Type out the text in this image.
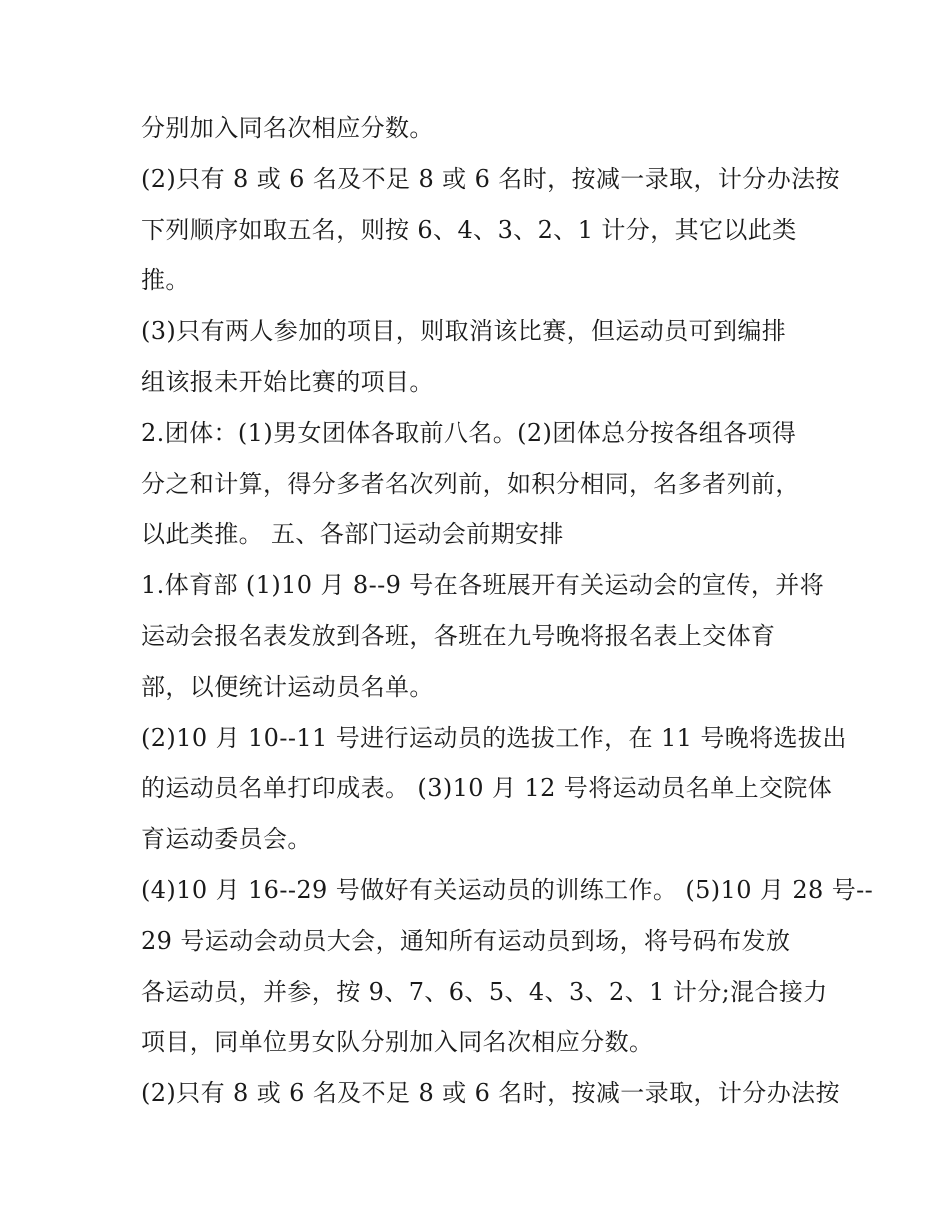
分别加入同名次相应分数。
(2)只有 8 或 6 名及不足 8 或 6 名时，按减一录取，计分办法按
下列顺序如取五名，则按 6、4、3、2、1 计分，其它以此类
推。
(3)只有两人参加的项目，则取消该比赛，但运动员可到编排
组该报未开始比赛的项目。
2.团体：(1)男女团体各取前八名。(2)团体总分按各组各项得
分之和计算，得分多者名次列前，如积分相同，名多者列前，
以此类推。 五、各部门运动会前期安排
1.体育部 (1)10 月 8--9 号在各班展开有关运动会的宣传，并将
运动会报名表发放到各班，各班在九号晚将报名表上交体育
部，以便统计运动员名单。
(2)10 月 10--11 号进行运动员的选拔工作，在 11 号晚将选拔出
的运动员名单打印成表。 (3)10 月 12 号将运动员名单上交院体
育运动委员会。
(4)10 月 16--29 号做好有关运动员的训练工作。 (5)10 月 28 号--
29 号运动会动员大会，通知所有运动员到场，将号码布发放
各运动员，并参，按 9、7、6、5、4、3、2、1 计分;混合接力
项目，同单位男女队分别加入同名次相应分数。
(2)只有 8 或 6 名及不足 8 或 6 名时，按减一录取，计分办法按
